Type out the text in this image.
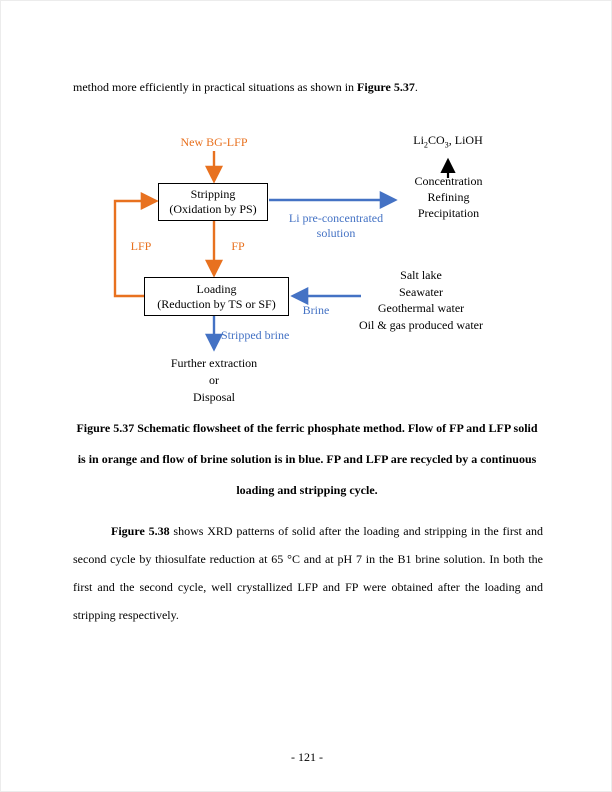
method more efficiently in practical situations as shown in Figure 5.37.

New BG-LFP
Stripping
(Oxidation by PS)
Loading
(Reduction by TS or SF)
$Li_2CO_3$, LiOH
Concentration
Refining
Precipitation
Li pre-concentrated
solution
LFP	FP
Salt lake
Seawater
Geothermal water
Oil & gas produced water
Brine
Stripped brine
Further extraction
or
Disposal
Figure 5.37 Schematic flowsheet of the ferric phosphate method. Flow of FP and LFP solid
is in orange and flow of brine solution is in blue. FP and LFP are recycled by a continuous
loading and stripping cycle.

Figure 5.38 shows XRD patterns of solid after the loading and stripping in the first and second cycle by thiosulfate reduction at 65 °C and at pH 7 in the B1 brine solution. In both the first and the second cycle, well crystallized LFP and FP were obtained after the loading and stripping respectively.

- 121 -
